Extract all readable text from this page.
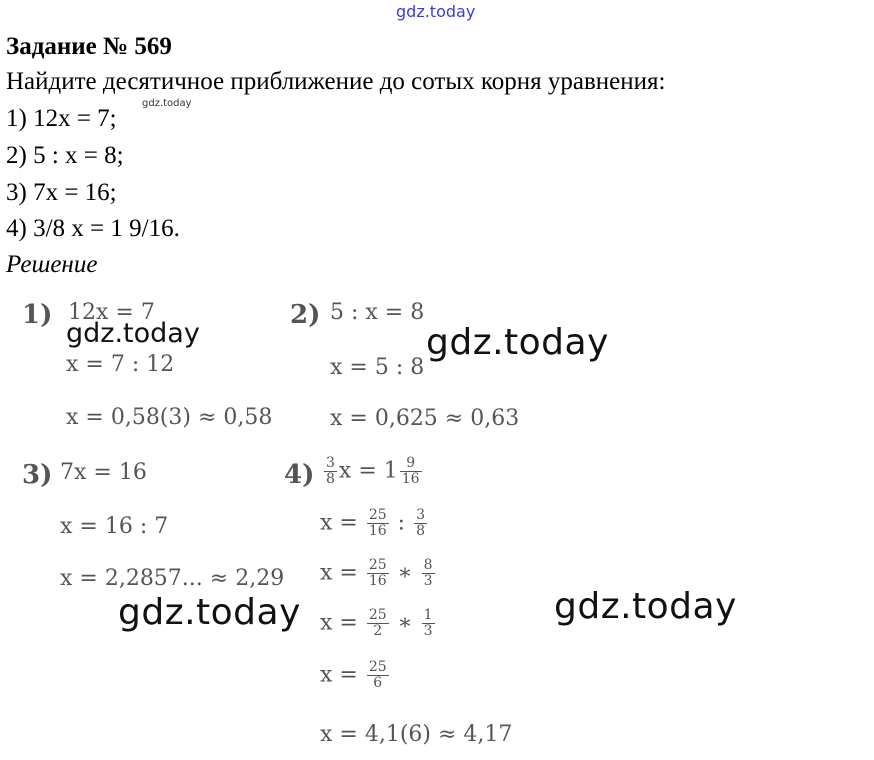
gdz.today
gdz.today
gdz.today	gdz.today
gdz.today	gdz.today
Задание № 569
Найдите десятичное приближение до сотых корня уравнения:
1) 12x = 7;
2) 5 : x = 8;
3) 7x = 16;
4) 3/8 x = 1 9/16.
Решение
1) 12x = 7
x = 7 : 12
x = 0,58(3) ≈ 0,58
2) 5 : x = 8
x = 5 : 8
x = 0,625 ≈ 0,63
3) 7x = 16
x = 16 : 7
x = 2,2857... ≈ 2,29
$4) \frac{3}{8}$ $x = 1 \frac{9}{16}$
$x = \frac{25}{16}$ : $\frac{3}{8}$
$x = \frac{25}{16}$ ∗ $\frac{8}{3}$
$x = \frac{25}{2}$ ∗ $\frac{1}{3}$
$x = \frac{25}{6}$
x = 4,1(6) ≈ 4,17
